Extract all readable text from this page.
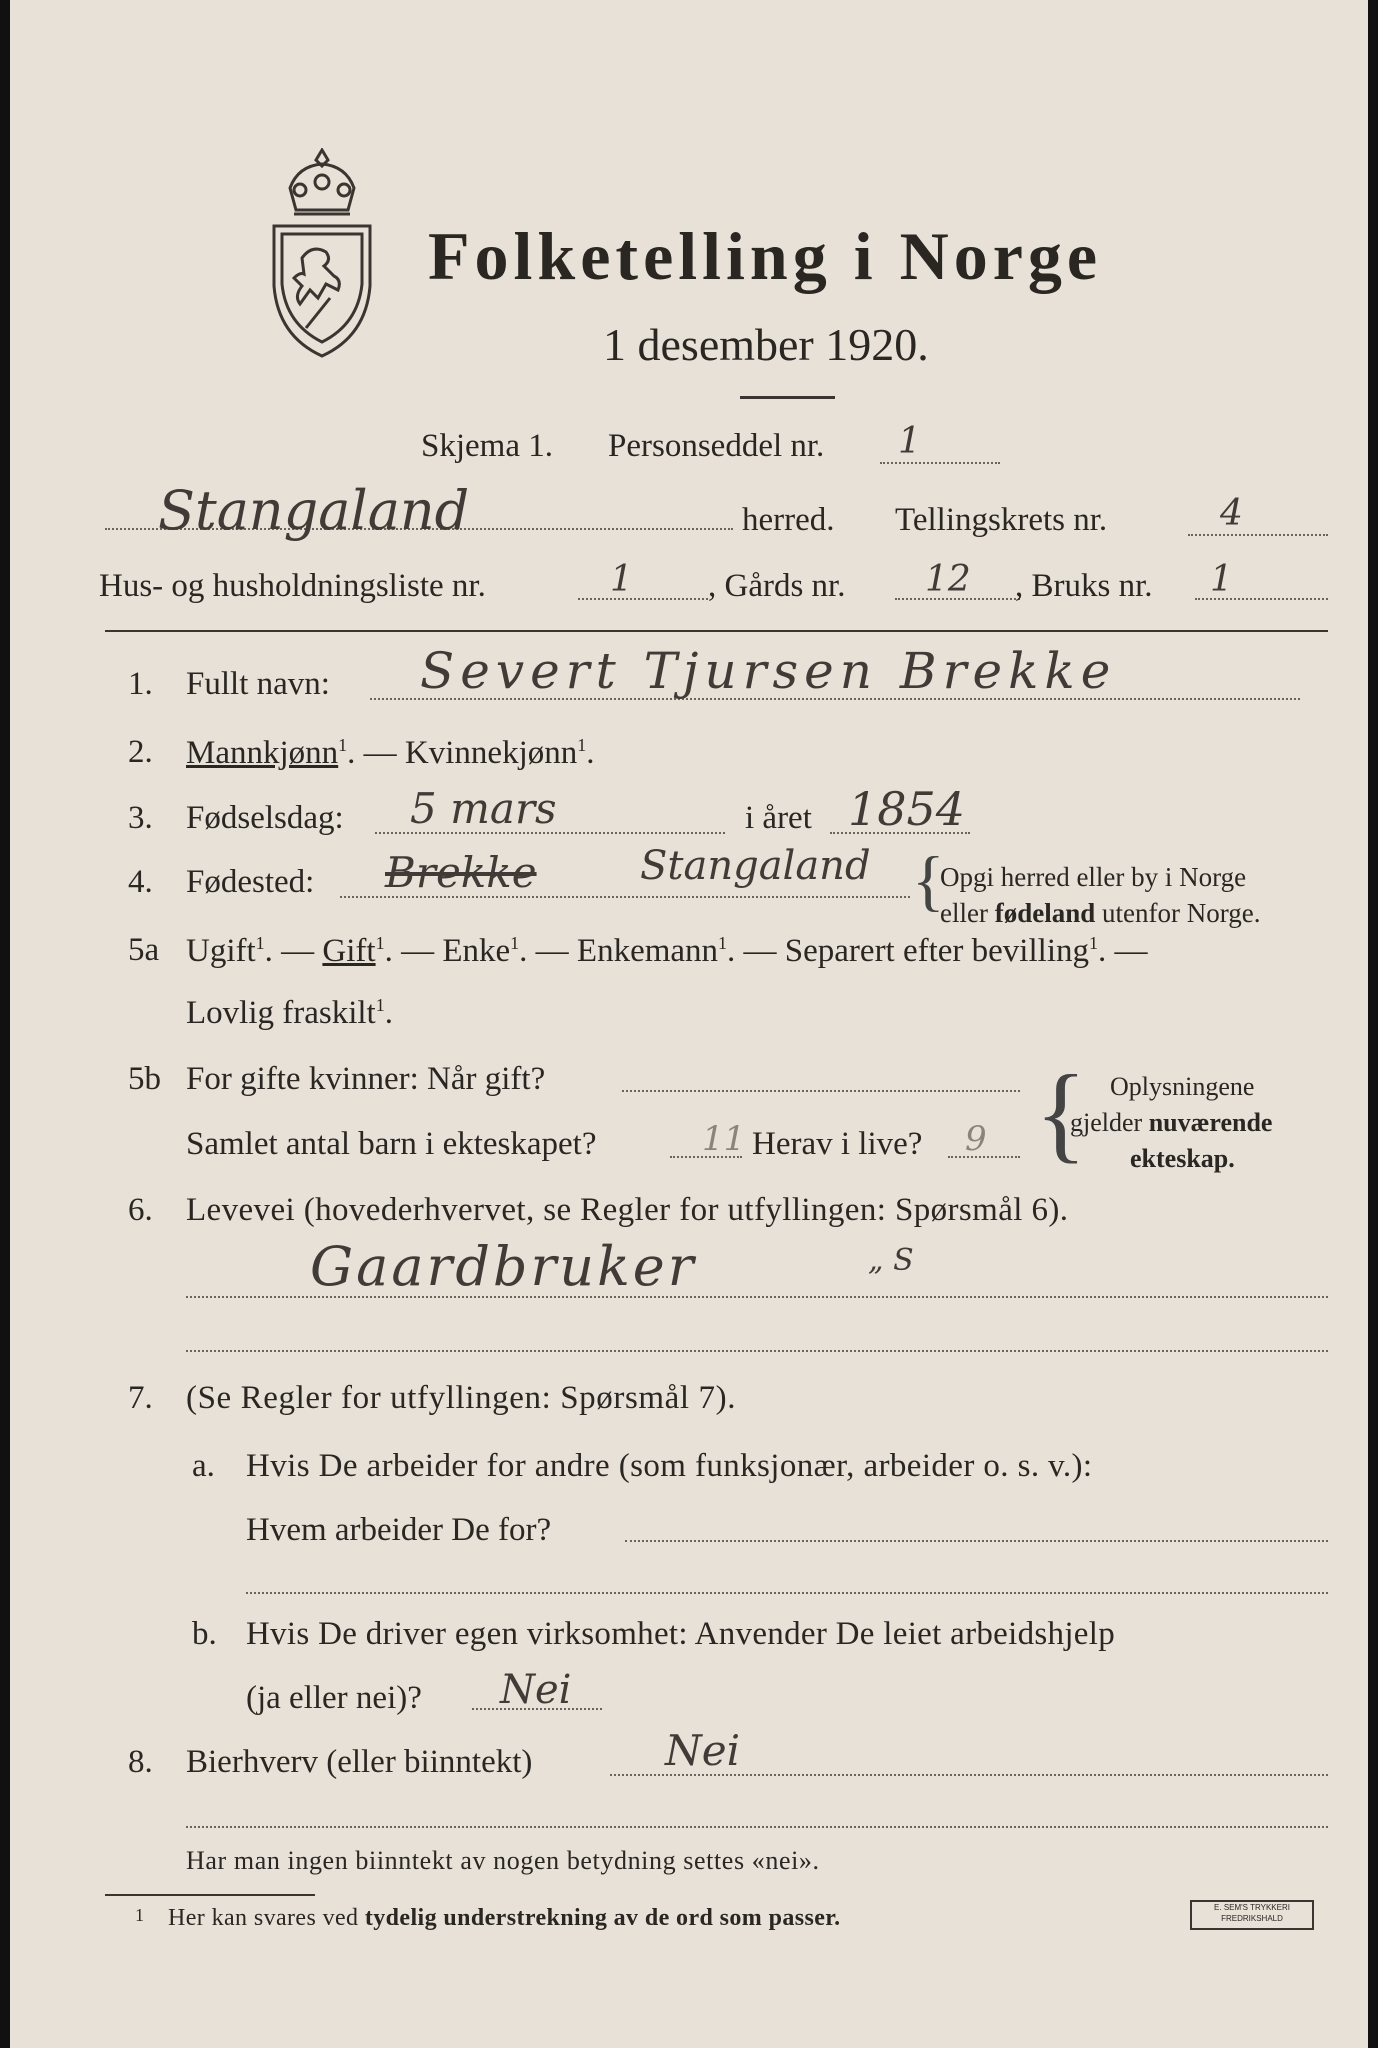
Folketelling i Norge
1 desember 1920.
Skjema 1. Personseddel nr. 1
Stangaland	herred. Tellingskrets nr.	4
Hus- og husholdningsliste nr.	1 , Gårds nr. 12 , Bruks nr. 1
1. Fullt navn: Severt Tjursen Brekke
2. Mannkjønn$^1$. — Kvinnekjønn$^1$.
3. Fødselsdag: 5 mars	i året 1854
4. Fødested: Brekke	Stangaland {
Opgi herred eller by i Norge
eller fødeland utenfor Norge.
5a Ugift$^1$. — Gift$^1$. — Enke$^1$. — Enkemann$^1$. — Separert efter bevilling$^1$. —
Lovlig fraskilt$^1$.
5b For gifte kvinner: Når gift?
Samlet antal barn i ekteskapet?	11 Herav i live? 9 { Oplysningene
gjelder nuværende
ekteskap.
6. Levevei (hovederhvervet, se Regler for utfyllingen: Spørsmål 6).
Gaardbruker	„ S
7. (Se Regler for utfyllingen: Spørsmål 7).
a. Hvis De arbeider for andre (som funksjonær, arbeider o. s. v.):
Hvem arbeider De for?
b. Hvis De driver egen virksomhet: Anvender De leiet arbeidshjelp
(ja eller nei)? Nei
8. Bierhverv (eller biinntekt)	Nei
Har man ingen biinntekt av nogen betydning settes «nei».
1 Her kan svares ved tydelig understrekning av de ord som passer.	E. SEM'S TRYKKERI
FREDRIKSHALD
